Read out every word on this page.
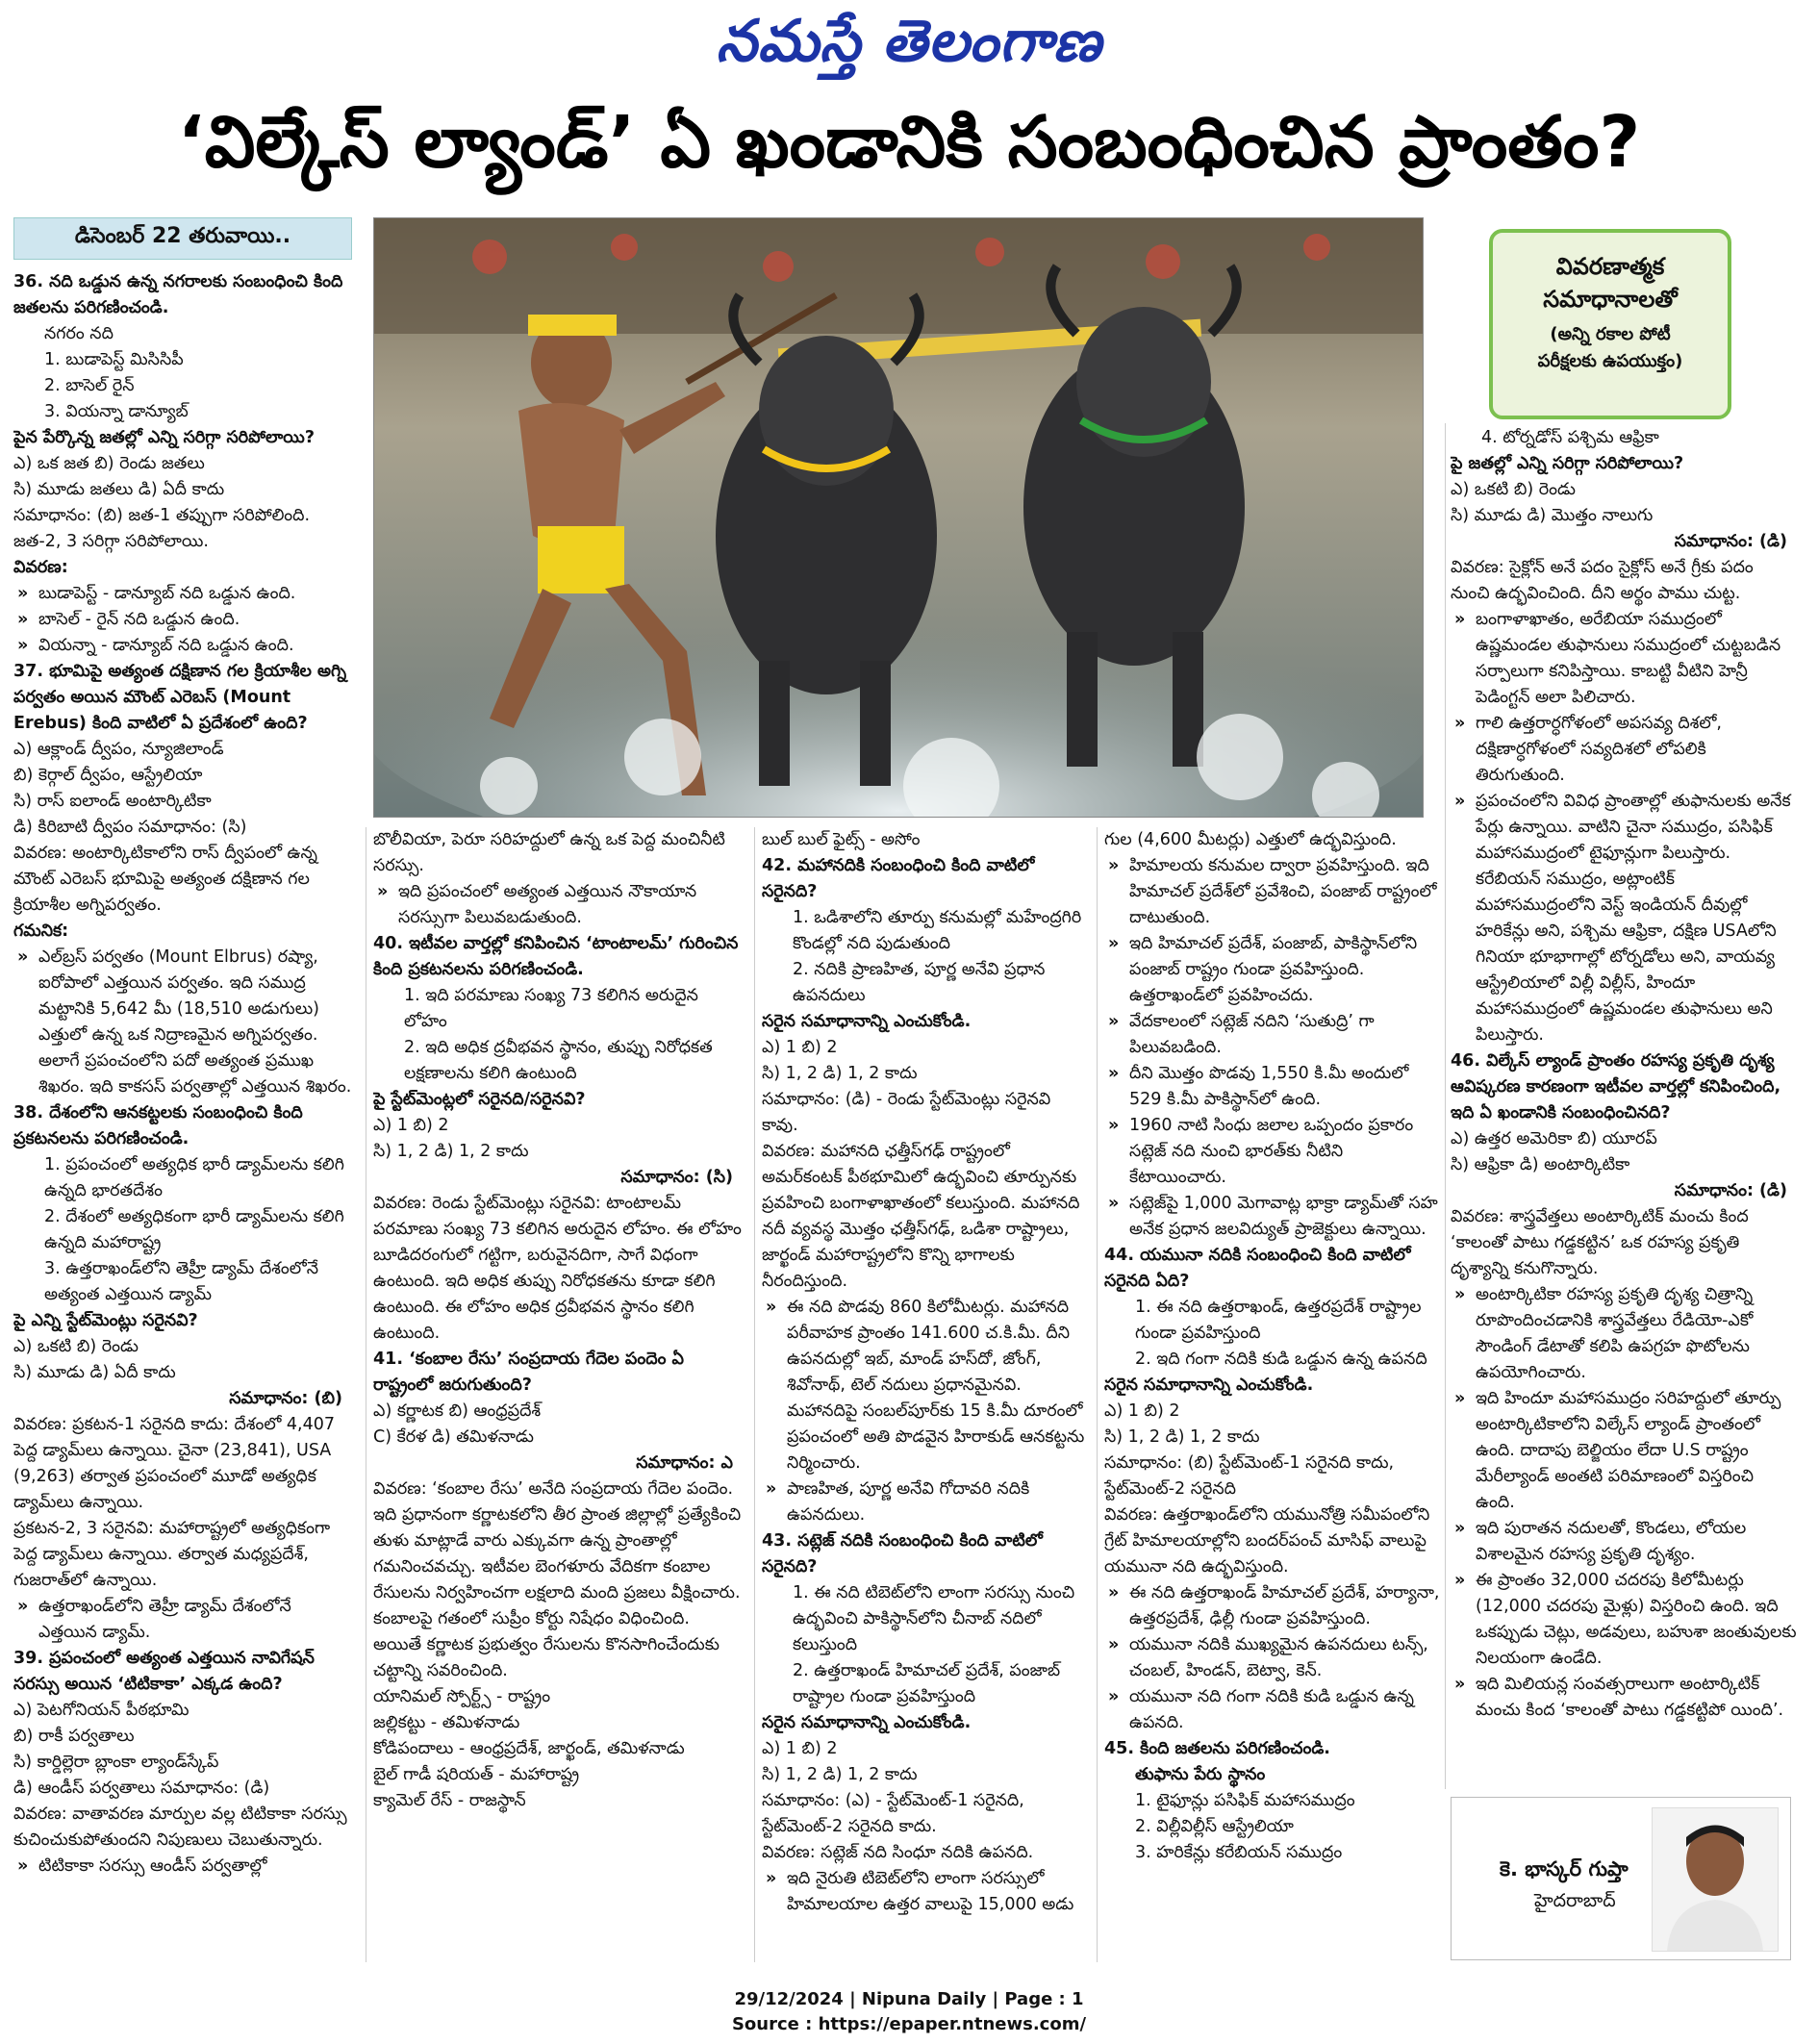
నమస్తే తెలంగాణ
‘విల్కేస్ ల్యాండ్’ ఏ ఖండానికి సంబంధించిన ప్రాంతం?
డిసెంబర్ 22 తరువాయి..
వివరణాత్మక
సమాధానాలతో
(అన్ని రకాల పోటీ
పరీక్షలకు ఉపయుక్తం)

36. నది ఒడ్డున ఉన్న నగరాలకు సంబంధించి కింది జతలను పరిగణించండి.

నగరం నది

1. బుడాపెస్ట్ మిసిసిపీ

2. బాసెల్ రైన్

3. వియన్నా డాన్యూబ్

పైన పేర్కొన్న జతల్లో ఎన్ని సరిగ్గా సరిపోలాయి?

ఎ) ఒక జత బి) రెండు జతలు

సి) మూడు జతలు డి) ఏదీ కాదు

సమాధానం: (బి) జత-1 తప్పుగా సరిపోలింది. జత-2, 3 సరిగ్గా సరిపోలాయి.

వివరణ:

» బుడాపెస్ట్ - డాన్యూబ్ నది ఒడ్డున ఉంది.

» బాసెల్ - రైన్ నది ఒడ్డున ఉంది.

» వియన్నా - డాన్యూబ్ నది ఒడ్డున ఉంది.

37. భూమిపై అత్యంత దక్షిణాన గల క్రియాశీల అగ్ని పర్వతం అయిన మౌంట్ ఎరెబస్ (Mount Erebus) కింది వాటిలో ఏ ప్రదేశంలో ఉంది?

ఎ) ఆక్లాండ్ ద్వీపం, న్యూజిలాండ్

బి) కెర్గాల్ ద్వీపం, ఆస్ట్రేలియా

సి) రాస్ ఐలాండ్ అంటార్కిటికా

డి) కిరిబాటి ద్వీపం సమాధానం: (సి)

వివరణ: అంటార్కిటికాలోని రాస్ ద్వీపంలో ఉన్న మౌంట్ ఎరెబస్ భూమిపై అత్యంత దక్షిణాన గల క్రియాశీల అగ్నిపర్వతం.

గమనిక:

» ఎల్‌బ్రస్ పర్వతం (Mount Elbrus) రష్యా, ఐరోపాలో ఎత్తయిన పర్వతం. ఇది సముద్ర మట్టానికి 5,642 మీ (18,510 అడుగులు) ఎత్తులో ఉన్న ఒక నిద్రాణమైన అగ్నిపర్వతం. అలాగే ప్రపంచంలోని పదో అత్యంత ప్రముఖ శిఖరం. ఇది కాకసస్ పర్వతాల్లో ఎత్తయిన శిఖరం.

38. దేశంలోని ఆనకట్టలకు సంబంధించి కింది ప్రకటనలను పరిగణించండి.

1. ప్రపంచంలో అత్యధిక భారీ డ్యామ్‌లను కలిగి ఉన్నది భారతదేశం

2. దేశంలో అత్యధికంగా భారీ డ్యామ్‌లను కలిగి ఉన్నది మహారాష్ట్ర

3. ఉత్తరాఖండ్‌లోని తెహ్రీ డ్యామ్ దేశంలోనే అత్యంత ఎత్తయిన డ్యామ్

పై ఎన్ని స్టేట్‌మెంట్లు సరైనవి?

ఎ) ఒకటి బి) రెండు

సి) మూడు డి) ఏదీ కాదు

సమాధానం: (బి)

వివరణ: ప్రకటన-1 సరైనది కాదు: దేశంలో 4,407 పెద్ద డ్యామ్‌లు ఉన్నాయి. చైనా (23,841), USA (9,263) తర్వాత ప్రపంచంలో మూడో అత్యధిక డ్యామ్‌లు ఉన్నాయి.

ప్రకటన-2, 3 సరైనవి: మహారాష్ట్రలో అత్యధికంగా పెద్ద డ్యామ్‌లు ఉన్నాయి. తర్వాత మధ్యప్రదేశ్, గుజరాత్‌లో ఉన్నాయి.

» ఉత్తరాఖండ్‌లోని తెహ్రీ డ్యామ్ దేశంలోనే ఎత్తయిన డ్యామ్.

39. ప్రపంచంలో అత్యంత ఎత్తయిన నావిగేషన్ సరస్సు అయిన ‘టిటికాకా’ ఎక్కడ ఉంది?

ఎ) పెటగోనియన్ పీఠభూమి

బి) రాకీ పర్వతాలు

సి) కార్డిల్లెరా బ్లాంకా ల్యాండ్‌స్కేప్

డి) ఆండీస్ పర్వతాలు సమాధానం: (డి)

వివరణ: వాతావరణ మార్పుల వల్ల టిటికాకా సరస్సు కుచించుకుపోతుందని నిపుణులు చెబుతున్నారు.

» టిటికాకా సరస్సు ఆండీస్ పర్వతాల్లో

బొలీవియా, పెరూ సరిహద్దులో ఉన్న ఒక పెద్ద మంచినీటి సరస్సు.

» ఇది ప్రపంచంలో అత్యంత ఎత్తయిన నౌకాయాన సరస్సుగా పిలువబడుతుంది.

40. ఇటీవల వార్తల్లో కనిపించిన ‘టాంటాలమ్’ గురించిన కింది ప్రకటనలను పరిగణించండి.

1. ఇది పరమాణు సంఖ్య 73 కలిగిన అరుదైన లోహం

2. ఇది అధిక ద్రవీభవన స్థానం, తుప్పు నిరోధకత లక్షణాలను కలిగి ఉంటుంది

పై స్టేట్‌మెంట్లలో సరైనది/సరైనవి?

ఎ) 1 బి) 2

సి) 1, 2 డి) 1, 2 కాదు

సమాధానం: (సి)

వివరణ: రెండు స్టేట్‌మెంట్లు సరైనవి: టాంటాలమ్ పరమాణు సంఖ్య 73 కలిగిన అరుదైన లోహం. ఈ లోహం బూడిదరంగులో గట్టిగా, బరువైనదిగా, సాగే విధంగా ఉంటుంది. ఇది అధిక తుప్పు నిరోధకతను కూడా కలిగి ఉంటుంది. ఈ లోహం అధిక ద్రవీభవన స్థానం కలిగి ఉంటుంది.

41. ‘కంబాల రేసు’ సంప్రదాయ గేదెల పందెం ఏ రాష్ట్రంలో జరుగుతుంది?

ఎ) కర్ణాటక బి) ఆంధ్రప్రదేశ్

C) కేరళ డి) తమిళనాడు

సమాధానం: ఎ

వివరణ: ‘కంబాల రేసు’ అనేది సంప్రదాయ గేదెల పందెం. ఇది ప్రధానంగా కర్ణాటకలోని తీర ప్రాంత జిల్లాల్లో ప్రత్యేకించి తుళు మాట్లాడే వారు ఎక్కువగా ఉన్న ప్రాంతాల్లో గమనించవచ్చు. ఇటీవల బెంగళూరు వేదికగా కంబాల రేసులను నిర్వహించగా లక్షలాది మంది ప్రజలు వీక్షించారు. కంబాలపై గతంలో సుప్రీం కోర్టు నిషేధం విధించింది. అయితే కర్ణాటక ప్రభుత్వం రేసులను కొనసాగించేందుకు చట్టాన్ని సవరించింది.

యానిమల్ స్పోర్ట్స్ - రాష్ట్రం

జల్లికట్టు - తమిళనాడు

కోడిపందాలు - ఆంధ్రప్రదేశ్, జార్ఖండ్, తమిళనాడు

బైల్ గాడీ షరియత్ - మహారాష్ట్ర

క్యామెల్ రేస్ - రాజస్థాన్

బుల్ బుల్ ఫైట్స్ - అసోం

42. మహానదికి సంబంధించి కింది వాటిలో సరైనది?

1. ఒడిశాలోని తూర్పు కనుమల్లో మహేంద్రగిరి కొండల్లో నది పుడుతుంది

2. నదికి ప్రాణహిత, పూర్ణ అనేవి ప్రధాన ఉపనదులు

సరైన సమాధానాన్ని ఎంచుకోండి.

ఎ) 1 బి) 2

సి) 1, 2 డి) 1, 2 కాదు

సమాధానం: (డి) - రెండు స్టేట్‌మెంట్లు సరైనవి కావు.

వివరణ: మహానది ఛత్తీస్‌గఢ్ రాష్ట్రంలో అమర్‌కంటక్ పీఠభూమిలో ఉద్భవించి తూర్పునకు ప్రవహించి బంగాళాఖాతంలో కలుస్తుంది. మహానది నదీ వ్యవస్థ మొత్తం ఛత్తీస్‌గఢ్, ఒడిశా రాష్ట్రాలు, జార్ఖండ్ మహారాష్ట్రలోని కొన్ని భాగాలకు నీరందిస్తుంది.

» ఈ నది పొడవు 860 కిలోమీటర్లు. మహానది పరీవాహక ప్రాంతం 141.600 చ.కి.మీ. దీని ఉపనదుల్లో ఇబ్, మాండ్ హస్‌దో, జోంగ్, శివోనాథ్, టెల్ నదులు ప్రధానమైనవి. మహానదిపై సంబల్‌పూర్‌కు 15 కి.మీ దూరంలో ప్రపంచంలో అతి పొడవైన హిరాకుడ్ ఆనకట్టను నిర్మించారు.

» పాణహిత, పూర్ణ అనేవి గోదావరి నదికి ఉపనదులు.

43. సట్లెజ్ నదికి సంబంధించి కింది వాటిలో సరైనది?

1. ఈ నది టిబెట్‌లోని లాంగా సరస్సు నుంచి ఉద్భవించి పాకిస్థాన్‌లోని చీనాబ్ నదిలో కలుస్తుంది

2. ఉత్తరాఖండ్ హిమాచల్ ప్రదేశ్, పంజాబ్ రాష్ట్రాల గుండా ప్రవహిస్తుంది

సరైన సమాధానాన్ని ఎంచుకోండి.

ఎ) 1 బి) 2

సి) 1, 2 డి) 1, 2 కాదు

సమాధానం: (ఎ) - స్టేట్‌మెంట్-1 సరైనది, స్టేట్‌మెంట్-2 సరైనది కాదు.

వివరణ: సట్లెజ్ నది సింధూ నదికి ఉపనది.

» ఇది నైరుతి టిబెట్‌లోని లాంగా సరస్సులో హిమాలయాల ఉత్తర వాలుపై 15,000 అడు

గుల (4,600 మీటర్లు) ఎత్తులో ఉద్భవిస్తుంది.

» హిమాలయ కనుమల ద్వారా ప్రవహిస్తుంది. ఇది హిమాచల్ ప్రదేశ్‌లో ప్రవేశించి, పంజాబ్ రాష్ట్రంలో దాటుతుంది.

» ఇది హిమాచల్ ప్రదేశ్, పంజాబ్, పాకిస్థాన్‌లోని పంజాబ్ రాష్ట్రం గుండా ప్రవహిస్తుంది. ఉత్తరాఖండ్‌లో ప్రవహించదు.

» వేదకాలంలో సట్లెజ్ నదిని ‘సుతుద్రి’ గా పిలువబడింది.

» దీని మొత్తం పొడవు 1,550 కి.మీ అందులో 529 కి.మీ పాకిస్థాన్‌లో ఉంది.

» 1960 నాటి సింధు జలాల ఒప్పందం ప్రకారం సట్లెజ్ నది నుంచి భారత్‌కు నీటిని కేటాయించారు.

» సట్లెజ్‌పై 1,000 మెగావాట్ల భాక్రా డ్యామ్‌తో సహ అనేక ప్రధాన జలవిద్యుత్ ప్రాజెక్టులు ఉన్నాయి.

44. యమునా నదికి సంబంధించి కింది వాటిలో సరైనది ఏది?

1. ఈ నది ఉత్తరాఖండ్, ఉత్తరప్రదేశ్ రాష్ట్రాల గుండా ప్రవహిస్తుంది

2. ఇది గంగా నదికి కుడి ఒడ్డున ఉన్న ఉపనది

సరైన సమాధానాన్ని ఎంచుకోండి.

ఎ) 1 బి) 2

సి) 1, 2 డి) 1, 2 కాదు

సమాధానం: (బి) స్టేట్‌మెంట్-1 సరైనది కాదు, స్టేట్‌మెంట్-2 సరైనది

వివరణ: ఉత్తరాఖండ్‌లోని యమునోత్రి సమీపంలోని గ్రేట్ హిమాలయాల్లోని బందర్‌పంచ్ మాసిఫ్ వాలుపై యమునా నది ఉద్భవిస్తుంది.

» ఈ నది ఉత్తరాఖండ్ హిమాచల్ ప్రదేశ్, హర్యానా, ఉత్తరప్రదేశ్, ఢిల్లీ గుండా ప్రవహిస్తుంది.

» యమునా నదికి ముఖ్యమైన ఉపనదులు టన్స్, చంబల్, హిండన్, బెట్వా, కెన్.

» యమునా నది గంగా నదికి కుడి ఒడ్డున ఉన్న ఉపనది.

45. కింది జతలను పరిగణించండి.

తుఫాను పేరు స్థానం

1. టైఫూన్లు పసిఫిక్ మహాసముద్రం

2. విల్లీవిల్లీస్ ఆస్ట్రేలియా

3. హరికేన్లు కరేబియన్ సముద్రం

4. టోర్నడోస్ పశ్చిమ ఆఫ్రికా

పై జతల్లో ఎన్ని సరిగ్గా సరిపోలాయి?

ఎ) ఒకటి బి) రెండు

సి) మూడు డి) మొత్తం నాలుగు

సమాధానం: (డి)

వివరణ: సైక్లోన్ అనే పదం సైక్లోస్ అనే గ్రీకు పదం నుంచి ఉద్భవించింది. దీని అర్థం పాము చుట్ట.

» బంగాళాఖాతం, అరేబియా సముద్రంలో ఉష్ణమండల తుఫానులు సముద్రంలో చుట్టబడిన సర్పాలుగా కనిపిస్తాయి. కాబట్టి వీటిని హెన్రీ పెడింగ్టన్ అలా పిలిచారు.

» గాలి ఉత్తరార్ధగోళంలో అపసవ్య దిశలో, దక్షిణార్ధగోళంలో సవ్యదిశలో లోపలికి తిరుగుతుంది.

» ప్రపంచంలోని వివిధ ప్రాంతాల్లో తుఫానులకు అనేక పేర్లు ఉన్నాయి. వాటిని చైనా సముద్రం, పసిఫిక్ మహాసముద్రంలో టైఫూన్లుగా పిలుస్తారు. కరేబియన్ సముద్రం, అట్లాంటిక్ మహాసముద్రంలోని వెస్ట్ ఇండియన్ దీవుల్లో హరికేన్లు అని, పశ్చిమ ఆఫ్రికా, దక్షిణ USAలోని గినియా భూభాగాల్లో టోర్నడోలు అని, వాయవ్య ఆస్ట్రేలియాలో విల్లీ విల్లీస్, హిందూ మహాసముద్రంలో ఉష్ణమండల తుఫానులు అని పిలుస్తారు.

46. విల్కేస్ ల్యాండ్ ప్రాంతం రహస్య ప్రకృతి దృశ్య ఆవిష్కరణ కారణంగా ఇటీవల వార్తల్లో కనిపించింది, ఇది ఏ ఖండానికి సంబంధించినది?

ఎ) ఉత్తర అమెరికా బి) యూరప్

సి) ఆఫ్రికా డి) అంటార్కిటికా

సమాధానం: (డి)

వివరణ: శాస్త్రవేత్తలు అంటార్కిటిక్ మంచు కింద ‘కాలంతో పాటు గడ్డకట్టిన’ ఒక రహస్య ప్రకృతి దృశ్యాన్ని కనుగొన్నారు.

» అంటార్కిటికా రహస్య ప్రకృతి దృశ్య చిత్రాన్ని రూపొందించడానికి శాస్త్రవేత్తలు రేడియో-ఎకో సౌండింగ్ డేటాతో కలిపి ఉపగ్రహ ఫొటోలను ఉపయోగించారు.

» ఇది హిందూ మహాసముద్రం సరిహద్దులో తూర్పు అంటార్కిటికాలోని విల్కేస్ ల్యాండ్ ప్రాంతంలో ఉంది. దాదాపు బెల్జియం లేదా U.S రాష్ట్రం మేరీల్యాండ్ అంతటి పరిమాణంలో విస్తరించి ఉంది.

» ఇది పురాతన నదులతో, కొండలు, లోయల విశాలమైన రహస్య ప్రకృతి దృశ్యం.

» ఈ ప్రాంతం 32,000 చదరపు కిలోమీటర్లు (12,000 చదరపు మైళ్లు) విస్తరించి ఉంది. ఇది ఒకప్పుడు చెట్లు, అడవులు, బహుశా జంతువులకు నిలయంగా ఉండేది.

» ఇది మిలియన్ల సంవత్సరాలుగా అంటార్కిటిక్ మంచు కింద ‘కాలంతో పాటు గడ్డకట్టిపో యింది’.

కె. భాస్కర్ గుప్తా
హైదరాబాద్
29/12/2024 | Nipuna Daily | Page : 1
Source : https://epaper.ntnews.com/
